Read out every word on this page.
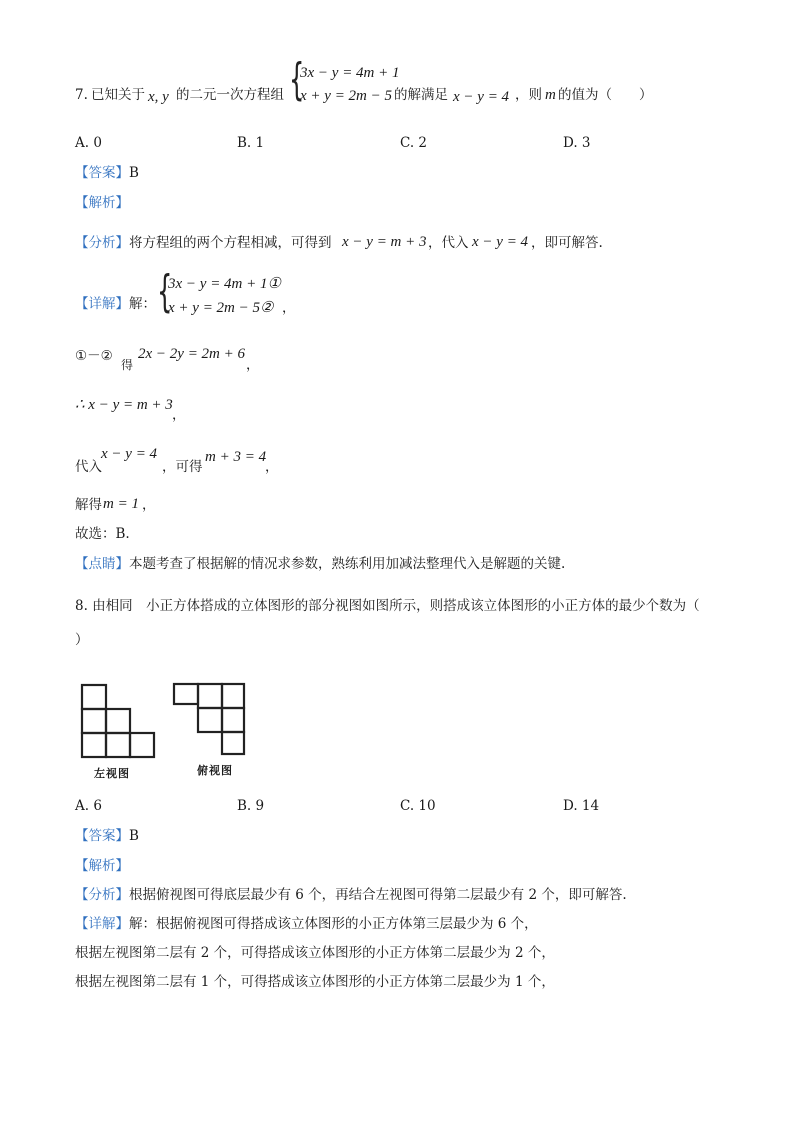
7. 已知关于 x, y 的二元一次方程组 {
3x − y = 4m + 1
x + y = 2m − 5 的解满足 x − y = 4 ，则 m 的值为（　　）
A. 0	B. 1	C. 2	D. 3
【答案】B
【解析】
【分析】将方程组的两个方程相减，可得到 x − y = m + 3 ，代入 x − y = 4 ，即可解答.
【详解】解： {
3x − y = 4m + 1①
x + y = 2m − 5② ，
①－②
得
2x − 2y = 2m + 6
，
∴ x − y = m + 3
，
代入
x − y = 4
，可得
m + 3 = 4
，
解得 m = 1 ，
故选：B.
【点睛】本题考查了根据解的情况求参数，熟练利用加减法整理代入是解题的关键.
8. 由相同　小正方体搭成的立体图形的部分视图如图所示，则搭成该立体图形的小正方体的最少个数为（
）
左视图	俯视图
A. 6	B. 9	C. 10	D. 14
【答案】B
【解析】
【分析】根据俯视图可得底层最少有 6 个，再结合左视图可得第二层最少有 2 个，即可解答.
【详解】解：根据俯视图可得搭成该立体图形的小正方体第三层最少为 6 个，
根据左视图第二层有 2 个，可得搭成该立体图形的小正方体第二层最少为 2 个，
根据左视图第二层有 1 个，可得搭成该立体图形的小正方体第二层最少为 1 个，
